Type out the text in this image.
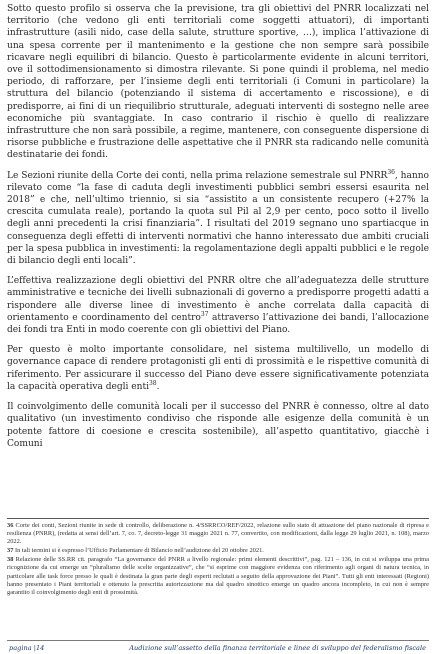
Sotto questo profilo si osserva che la previsione, tra gli obiettivi del PNRR localizzati nel territorio (che vedono gli enti territoriali come soggetti attuatori), di importanti infrastrutture (asili nido, case della salute, strutture sportive, …), implica l’attivazione di una spesa corrente per il mantenimento e la gestione che non sempre sarà possibile ricavare negli equilibri di bilancio. Questo è particolarmente evidente in alcuni territori, ove il sottodimensionamento si dimostra rilevante. Si pone quindi il problema, nel medio periodo, di rafforzare, per l’insieme degli enti territoriali (i Comuni in particolare) la struttura del bilancio (potenziando il sistema di accertamento e riscossione), e di predisporre, ai fini di un riequilibrio strutturale, adeguati interventi di sostegno nelle aree economiche più svantaggiate. In caso contrario il rischio è quello di realizzare infrastrutture che non sarà possibile, a regime, mantenere, con conseguente dispersione di risorse pubbliche e frustrazione delle aspettative che il PNRR sta radicando nelle comunità destinatarie dei fondi.

Le Sezioni riunite della Corte dei conti, nella prima relazione semestrale sul PNRR$^{36}$, hanno rilevato come “la fase di caduta degli investimenti pubblici sembri essersi esaurita nel 2018” e che, nell’ultimo triennio, si sia “assistito a un consistente recupero (+27% la crescita cumulata reale), portando la quota sul Pil al 2,9 per cento, poco sotto il livello degli anni precedenti la crisi finanziaria”. I risultati del 2019 segnano uno spartiacque in conseguenza degli effetti di interventi normativi che hanno interessato due ambiti cruciali per la spesa pubblica in investimenti: la regolamentazione degli appalti pubblici e le regole di bilancio degli enti locali”.

L’effettiva realizzazione degli obiettivi del PNRR oltre che all’adeguatezza delle strutture amministrative e tecniche dei livelli subnazionali di governo a predisporre progetti adatti a rispondere alle diverse linee di investimento è anche correlata dalla capacità di orientamento e coordinamento del centro$^{37}$ attraverso l’attivazione dei bandi, l’allocazione dei fondi tra Enti in modo coerente con gli obiettivi del Piano.

Per questo è molto importante consolidare, nel sistema multilivello, un modello di governance capace di rendere protagonisti gli enti di prossimità e le rispettive comunità di riferimento. Per assicurare il successo del Piano deve essere significativamente potenziata la capacità operativa degli enti$^{38}$.

Il coinvolgimento delle comunità locali per il successo del PNRR è connesso, oltre al dato qualitativo (un investimento condiviso che risponde alle esigenze della comunità è un potente fattore di coesione e crescita sostenibile), all’aspetto quantitativo, giacchè i Comuni

36 Corte dei conti, Sezioni riunite in sede di controllo, deliberazione n. 4/SSRRCO/REF/2022, relazione sullo stato di attuazione del piano nazionale di ripresa e resilienza (PNRR), (redatta ai sensi dell’art. 7, co. 7, decreto-legge 31 maggio 2021 n. 77, convertito, con modificazioni, dalla legge 29 luglio 2021, n. 108), marzo 2022.

37 In tali termini si è espresso l’Ufficio Parlamentare di Bilancio nell’audizione del 20 ottobre 2021.

38 Relazione delle SS.RR cit. paragrafo “La governance del PNRR a livello regionale: primi elementi descrittivi”, pag. 121 – 136, in cui si sviluppa una prima ricognizione da cui emerge un “pluralismo delle scelte organizzative”, che “si esprime con maggiore evidenza con riferimento agli organi di natura tecnica, in particolare alle task force presso le quali è destinata la gran parte degli esperti reclutati a seguito della approvazione dei Piani”. Tutti gli enti interessati (Regioni) hanno presentato i Piani territoriali e ottenuto la prescritta autorizzazione ma dal quadro sinottico emerge un quadro ancora incompleto, in cui non è sempre garantito il coinvolgimento degli enti di prossimità.

pagina |14	Audizione sull’assetto della finanza territoriale e linee di sviluppo del federalismo fiscale
